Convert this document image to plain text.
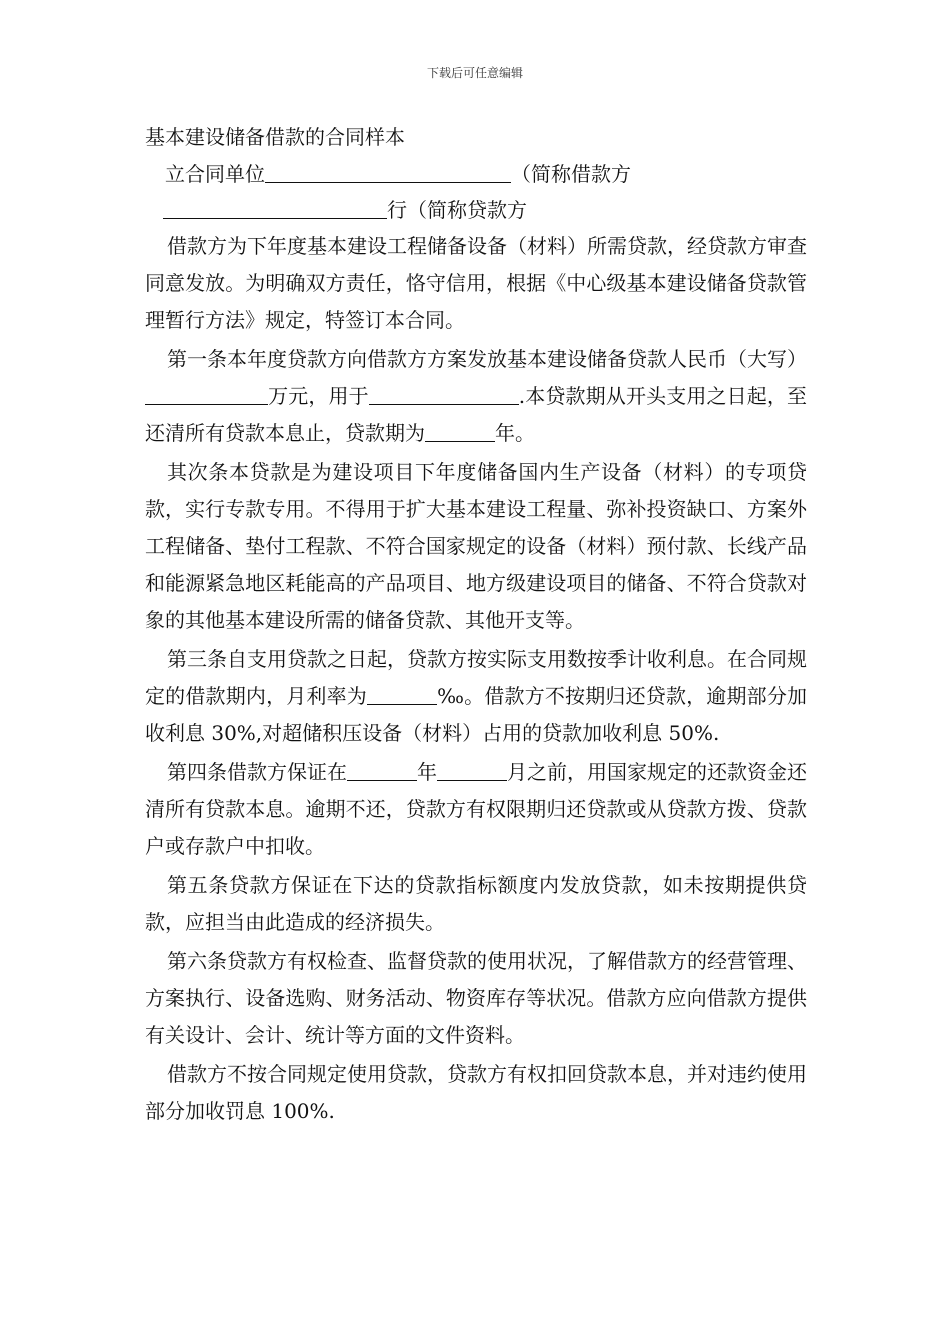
下载后可任意编辑
基本建设储备借款的合同样本

立合同单位	（简称借款方

行（简称贷款方

借款方为下年度基本建设工程储备设备（材料）所需贷款，经贷款方审查同意发放。为明确双方责任，恪守信用，根据《中心级基本建设储备贷款管理暂行方法》规定，特签订本合同。

第一条本年度贷款方向借款方方案发放基本建设储备贷款人民币（大写）万元，用于	.本贷款期从开头支用之日起，至还清所有贷款本息止，贷款期为	年。

其次条本贷款是为建设项目下年度储备国内生产设备（材料）的专项贷款，实行专款专用。不得用于扩大基本建设工程量、弥补投资缺口、方案外工程储备、垫付工程款、不符合国家规定的设备（材料）预付款、长线产品和能源紧急地区耗能高的产品项目、地方级建设项目的储备、不符合贷款对象的其他基本建设所需的储备贷款、其他开支等。

第三条自支用贷款之日起，贷款方按实际支用数按季计收利息。在合同规定的借款期内，月利率为	‰。借款方不按期归还贷款，逾期部分加收利息 30%,对超储积压设备（材料）占用的贷款加收利息 50%.

第四条借款方保证在	年	月之前，用国家规定的还款资金还清所有贷款本息。逾期不还，贷款方有权限期归还贷款或从贷款方拨、贷款户或存款户中扣收。

第五条贷款方保证在下达的贷款指标额度内发放贷款，如未按期提供贷款，应担当由此造成的经济损失。

第六条贷款方有权检查、监督贷款的使用状况，了解借款方的经营管理、方案执行、设备选购、财务活动、物资库存等状况。借款方应向借款方提供有关设计、会计、统计等方面的文件资料。

借款方不按合同规定使用贷款，贷款方有权扣回贷款本息，并对违约使用部分加收罚息 100%.
